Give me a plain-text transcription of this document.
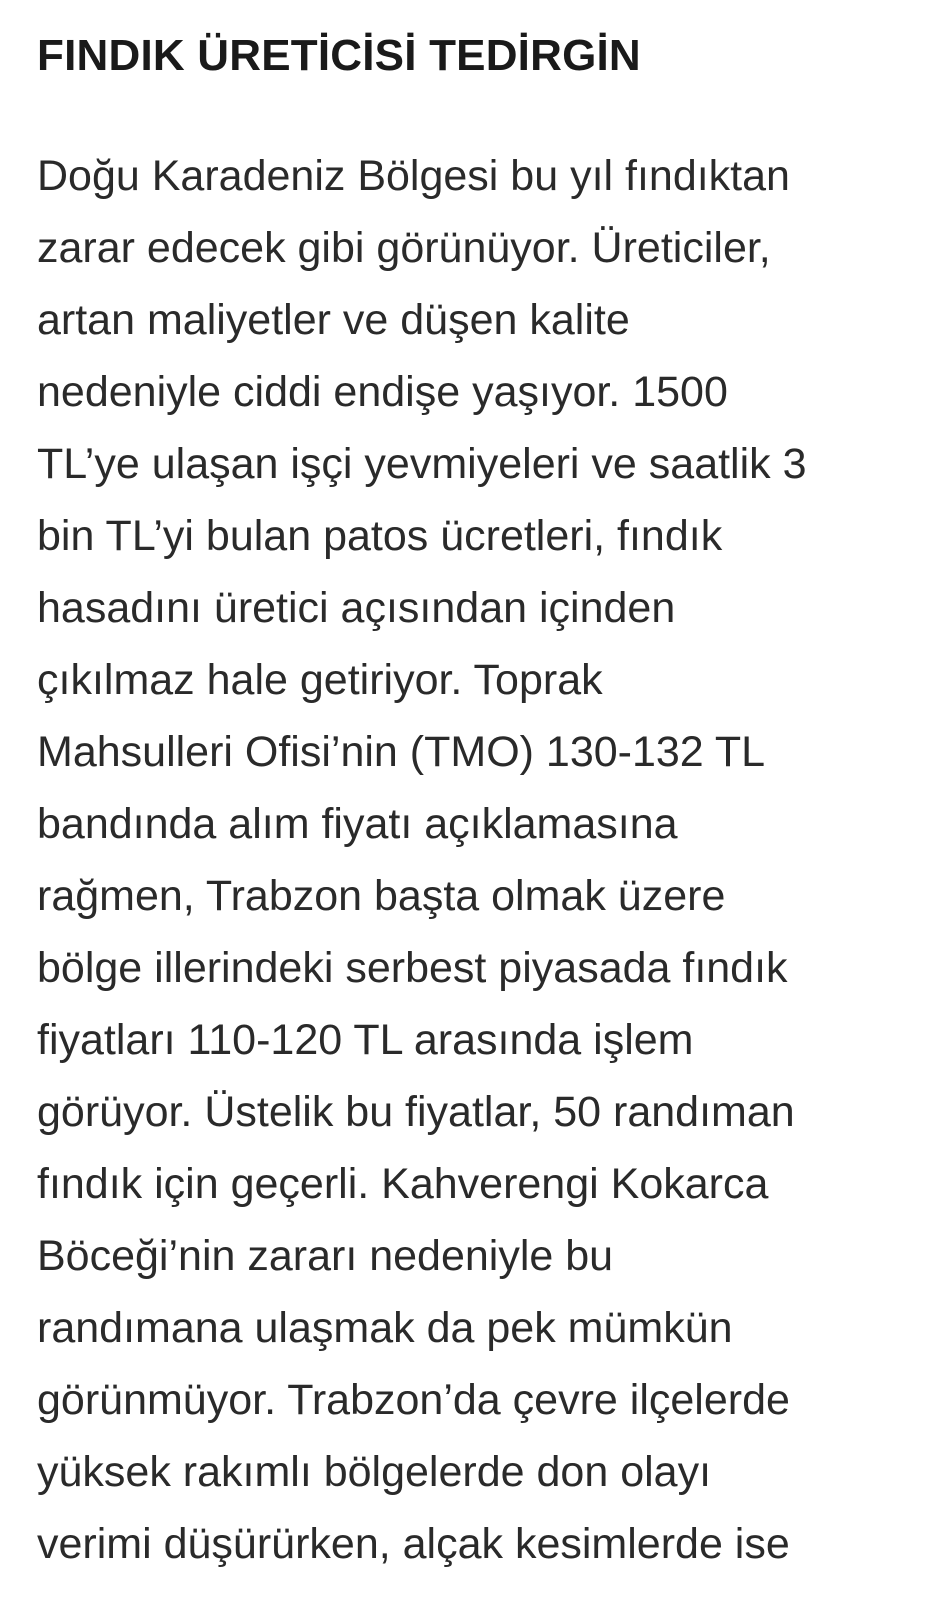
FINDIK ÜRETİCİSİ TEDİRGİN
Doğu Karadeniz Bölgesi bu yıl fındıktan
zarar edecek gibi görünüyor. Üreticiler,
artan maliyetler ve düşen kalite
nedeniyle ciddi endişe yaşıyor. 1500
TL’ye ulaşan işçi yevmiyeleri ve saatlik 3
bin TL’yi bulan patos ücretleri, fındık
hasadını üretici açısından içinden
çıkılmaz hale getiriyor. Toprak
Mahsulleri Ofisi’nin (TMO) 130-132 TL
bandında alım fiyatı açıklamasına
rağmen, Trabzon başta olmak üzere
bölge illerindeki serbest piyasada fındık
fiyatları 110-120 TL arasında işlem
görüyor. Üstelik bu fiyatlar, 50 randıman
fındık için geçerli. Kahverengi Kokarca
Böceği’nin zararı nedeniyle bu
randımana ulaşmak da pek mümkün
görünmüyor. Trabzon’da çevre ilçelerde
yüksek rakımlı bölgelerde don olayı
verimi düşürürken, alçak kesimlerde ise
